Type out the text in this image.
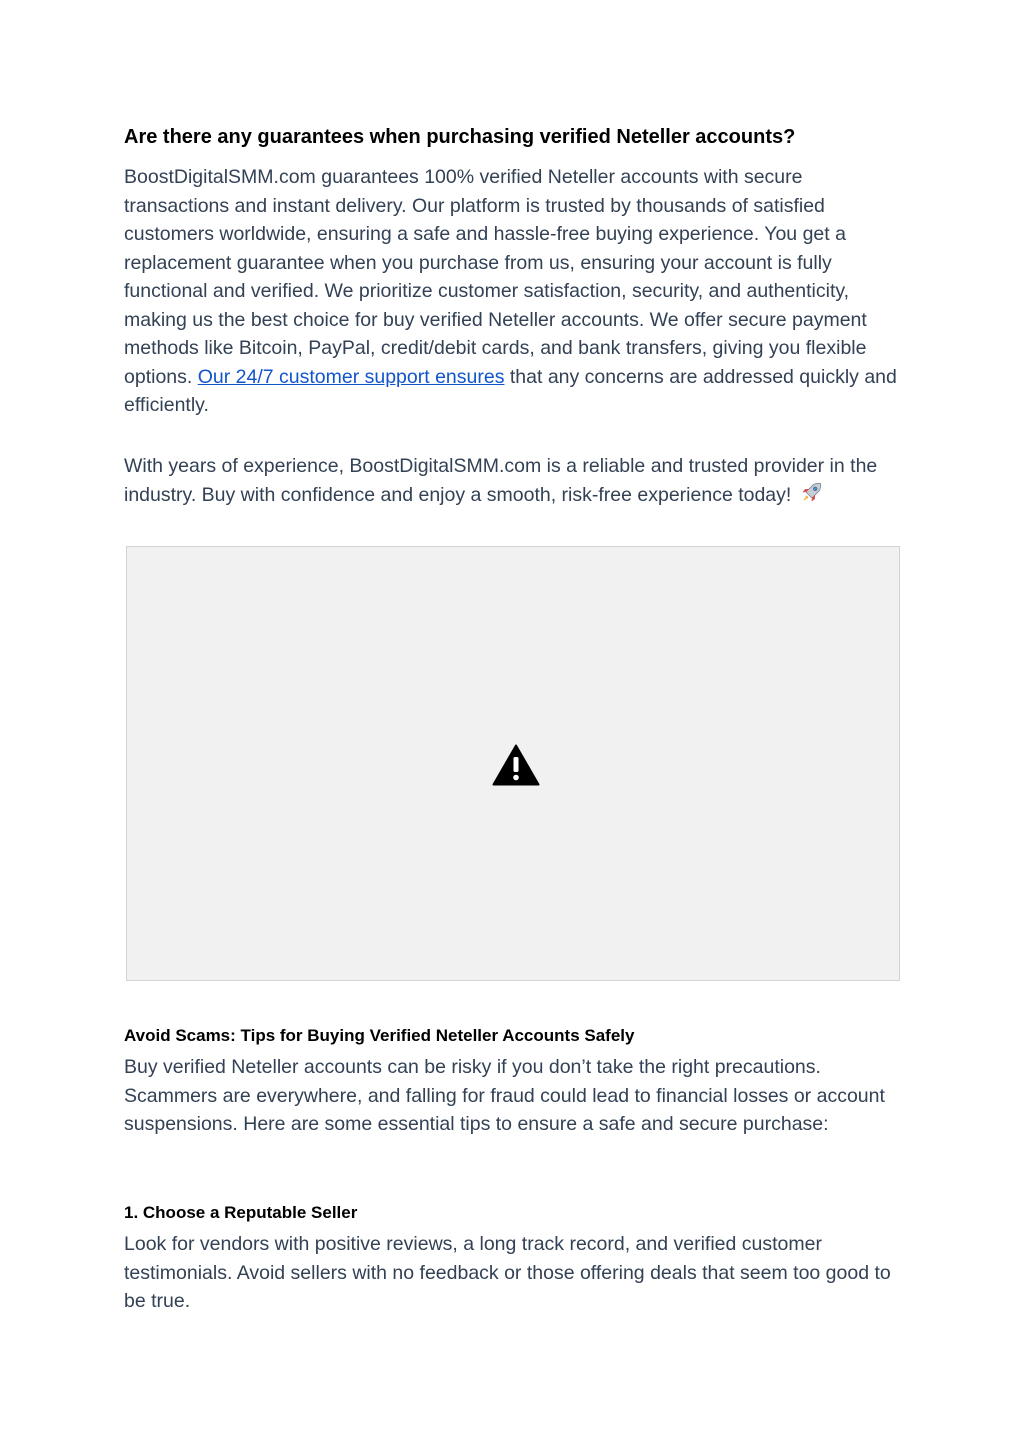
Are there any guarantees when purchasing verified Neteller accounts?

BoostDigitalSMM.com guarantees 100% verified Neteller accounts with secure transactions and instant delivery. Our platform is trusted by thousands of satisfied customers worldwide, ensuring a safe and hassle-free buying experience. You get a replacement guarantee when you purchase from us, ensuring your account is fully functional and verified. We prioritize customer satisfaction, security, and authenticity, making us the best choice for buy verified Neteller accounts. We offer secure payment methods like Bitcoin, PayPal, credit/debit cards, and bank transfers, giving you flexible options. Our 24/7 customer support ensures that any concerns are addressed quickly and efficiently.

With years of experience, BoostDigitalSMM.com is a reliable and trusted provider in the industry. Buy with confidence and enjoy a smooth, risk-free experience today!

Avoid Scams: Tips for Buying Verified Neteller Accounts Safely

Buy verified Neteller accounts can be risky if you don’t take the right precautions. Scammers are everywhere, and falling for fraud could lead to financial losses or account suspensions. Here are some essential tips to ensure a safe and secure purchase:

1. Choose a Reputable Seller

Look for vendors with positive reviews, a long track record, and verified customer testimonials. Avoid sellers with no feedback or those offering deals that seem too good to be true.
